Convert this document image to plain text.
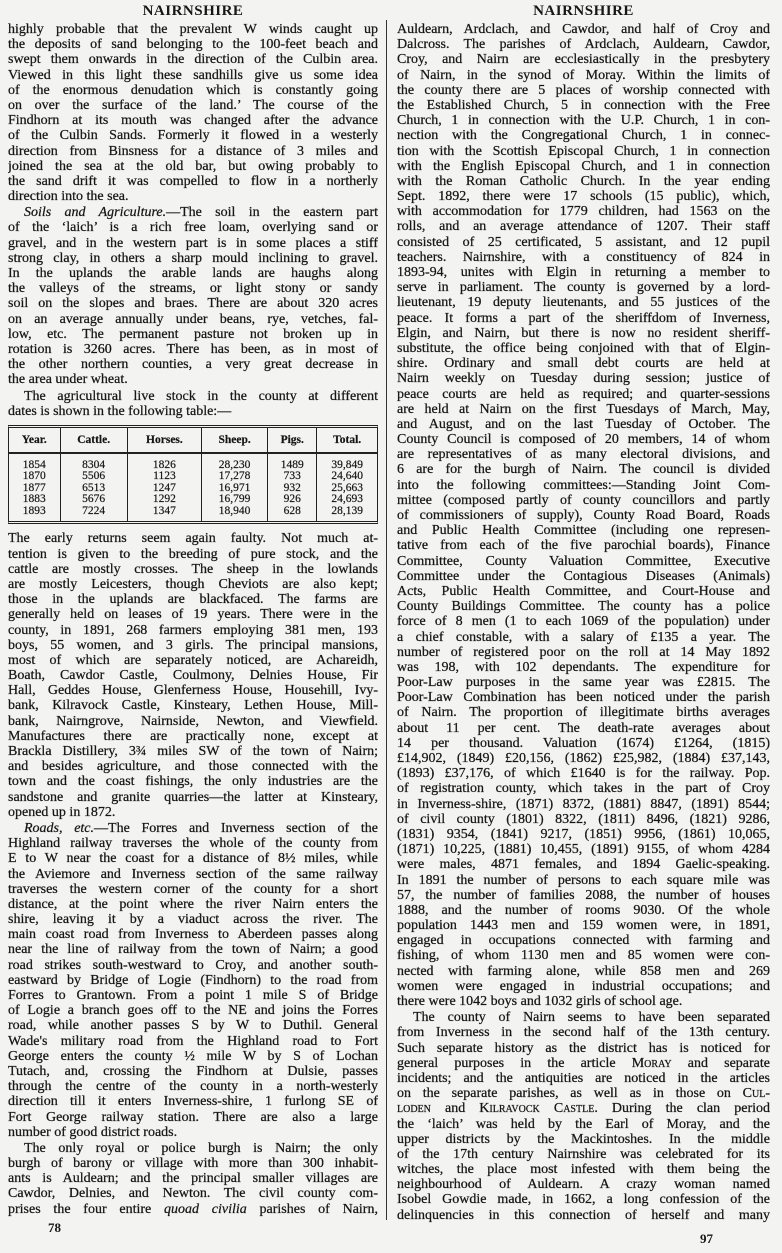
NAIRNSHIRE	NAIRNSHIRE
highly probable that the prevalent W winds caught up
the deposits of sand belonging to the 100-feet beach and
swept them onwards in the direction of the Culbin area.
Viewed in this light these sandhills give us some idea
of the enormous denudation which is constantly going
on over the surface of the land.’ The course of the
Findhorn at its mouth was changed after the advance
of the Culbin Sands. Formerly it flowed in a westerly
direction from Binsness for a distance of 3 miles and
joined the sea at the old bar, but owing probably to
the sand drift it was compelled to flow in a northerly
direction into the sea.
Soils and Agriculture.—The soil in the eastern part
of the ‘laich’ is a rich free loam, overlying sand or
gravel, and in the western part is in some places a stiff
strong clay, in others a sharp mould inclining to gravel.
In the uplands the arable lands are haughs along
the valleys of the streams, or light stony or sandy
soil on the slopes and braes. There are about 320 acres
on an average annually under beans, rye, vetches, fal-
low, etc. The permanent pasture not broken up in
rotation is 3260 acres. There has been, as in most of
the other northern counties, a very great decrease in
the area under wheat.
The agricultural live stock in the county at different
dates is shown in the following table:—
Year.	Cattle.	Horses.	Sheep.	Pigs.	Total.
1854	8304	1826	28,230	1489	39,849
1870	5506	1123	17,278	733	24,640
1877	6513	1247	16,971	932	25,663
1883	5676	1292	16,799	926	24,693
1893	7224	1347	18,940	628	28,139
The early returns seem again faulty. Not much at-
tention is given to the breeding of pure stock, and the
cattle are mostly crosses. The sheep in the lowlands
are mostly Leicesters, though Cheviots are also kept;
those in the uplands are blackfaced. The farms are
generally held on leases of 19 years. There were in the
county, in 1891, 268 farmers employing 381 men, 193
boys, 55 women, and 3 girls. The principal mansions,
most of which are separately noticed, are Achareidh,
Boath, Cawdor Castle, Coulmony, Delnies House, Fir
Hall, Geddes House, Glenferness House, Househill, Ivy-
bank, Kilravock Castle, Kinsteary, Lethen House, Mill-
bank, Nairngrove, Nairnside, Newton, and Viewfield.
Manufactures there are practically none, except at
Brackla Distillery, 3¾ miles SW of the town of Nairn;
and besides agriculture, and those connected with the
town and the coast fishings, the only industries are the
sandstone and granite quarries—the latter at Kinsteary,
opened up in 1872.
Roads, etc.—The Forres and Inverness section of the
Highland railway traverses the whole of the county from
E to W near the coast for a distance of 8½ miles, while
the Aviemore and Inverness section of the same railway
traverses the western corner of the county for a short
distance, at the point where the river Nairn enters the
shire, leaving it by a viaduct across the river. The
main coast road from Inverness to Aberdeen passes along
near the line of railway from the town of Nairn; a good
road strikes south-westward to Croy, and another south-
eastward by Bridge of Logie (Findhorn) to the road from
Forres to Grantown. From a point 1 mile S of Bridge
of Logie a branch goes off to the NE and joins the Forres
road, while another passes S by W to Duthil. General
Wade's military road from the Highland road to Fort
George enters the county ½ mile W by S of Lochan
Tutach, and, crossing the Findhorn at Dulsie, passes
through the centre of the county in a north-westerly
direction till it enters Inverness-shire, 1 furlong SE of
Fort George railway station. There are also a large
number of good district roads.
The only royal or police burgh is Nairn; the only
burgh of barony or village with more than 300 inhabit-
ants is Auldearn; and the principal smaller villages are
Cawdor, Delnies, and Newton. The civil county com-
prises the four entire quoad civilia parishes of Nairn,
78
Auldearn, Ardclach, and Cawdor, and half of Croy and
Dalcross. The parishes of Ardclach, Auldearn, Cawdor,
Croy, and Nairn are ecclesiastically in the presbytery
of Nairn, in the synod of Moray. Within the limits of
the county there are 5 places of worship connected with
the Established Church, 5 in connection with the Free
Church, 1 in connection with the U.P. Church, 1 in con-
nection with the Congregational Church, 1 in connec-
tion with the Scottish Episcopal Church, 1 in connection
with the English Episcopal Church, and 1 in connection
with the Roman Catholic Church. In the year ending
Sept. 1892, there were 17 schools (15 public), which,
with accommodation for 1779 children, had 1563 on the
rolls, and an average attendance of 1207. Their staff
consisted of 25 certificated, 5 assistant, and 12 pupil
teachers. Nairnshire, with a constituency of 824 in
1893-94, unites with Elgin in returning a member to
serve in parliament. The county is governed by a lord-
lieutenant, 19 deputy lieutenants, and 55 justices of the
peace. It forms a part of the sheriffdom of Inverness,
Elgin, and Nairn, but there is now no resident sheriff-
substitute, the office being conjoined with that of Elgin-
shire. Ordinary and small debt courts are held at
Nairn weekly on Tuesday during session; justice of
peace courts are held as required; and quarter-sessions
are held at Nairn on the first Tuesdays of March, May,
and August, and on the last Tuesday of October. The
County Council is composed of 20 members, 14 of whom
are representatives of as many electoral divisions, and
6 are for the burgh of Nairn. The council is divided
into the following committees:—Standing Joint Com-
mittee (composed partly of county councillors and partly
of commissioners of supply), County Road Board, Roads
and Public Health Committee (including one represen-
tative from each of the five parochial boards), Finance
Committee, County Valuation Committee, Executive
Committee under the Contagious Diseases (Animals)
Acts, Public Health Committee, and Court-House and
County Buildings Committee. The county has a police
force of 8 men (1 to each 1069 of the population) under
a chief constable, with a salary of £135 a year. The
number of registered poor on the roll at 14 May 1892
was 198, with 102 dependants. The expenditure for
Poor-Law purposes in the same year was £2815. The
Poor-Law Combination has been noticed under the parish
of Nairn. The proportion of illegitimate births averages
about 11 per cent. The death-rate averages about
14 per thousand. Valuation (1674) £1264, (1815)
£14,902, (1849) £20,156, (1862) £25,982, (1884) £37,143,
(1893) £37,176, of which £1640 is for the railway. Pop.
of registration county, which takes in the part of Croy
in Inverness-shire, (1871) 8372, (1881) 8847, (1891) 8544;
of civil county (1801) 8322, (1811) 8496, (1821) 9286,
(1831) 9354, (1841) 9217, (1851) 9956, (1861) 10,065,
(1871) 10,225, (1881) 10,455, (1891) 9155, of whom 4284
were males, 4871 females, and 1894 Gaelic-speaking.
In 1891 the number of persons to each square mile was
57, the number of families 2088, the number of houses
1888, and the number of rooms 9030. Of the whole
population 1443 men and 159 women were, in 1891,
engaged in occupations connected with farming and
fishing, of whom 1130 men and 85 women were con-
nected with farming alone, while 858 men and 269
women were engaged in industrial occupations; and
there were 1042 boys and 1032 girls of school age.
The county of Nairn seems to have been separated
from Inverness in the second half of the 13th century.
Such separate history as the district has is noticed for
general purposes in the article Moray and separate
incidents; and the antiquities are noticed in the articles
on the separate parishes, as well as in those on Cul-
loden and Kilravock Castle. During the clan period
the ‘laich’ was held by the Earl of Moray, and the
upper districts by the Mackintoshes. In the middle
of the 17th century Nairnshire was celebrated for its
witches, the place most infested with them being the
neighbourhood of Auldearn. A crazy woman named
Isobel Gowdie made, in 1662, a long confession of the
delinquencies in this connection of herself and many
97
